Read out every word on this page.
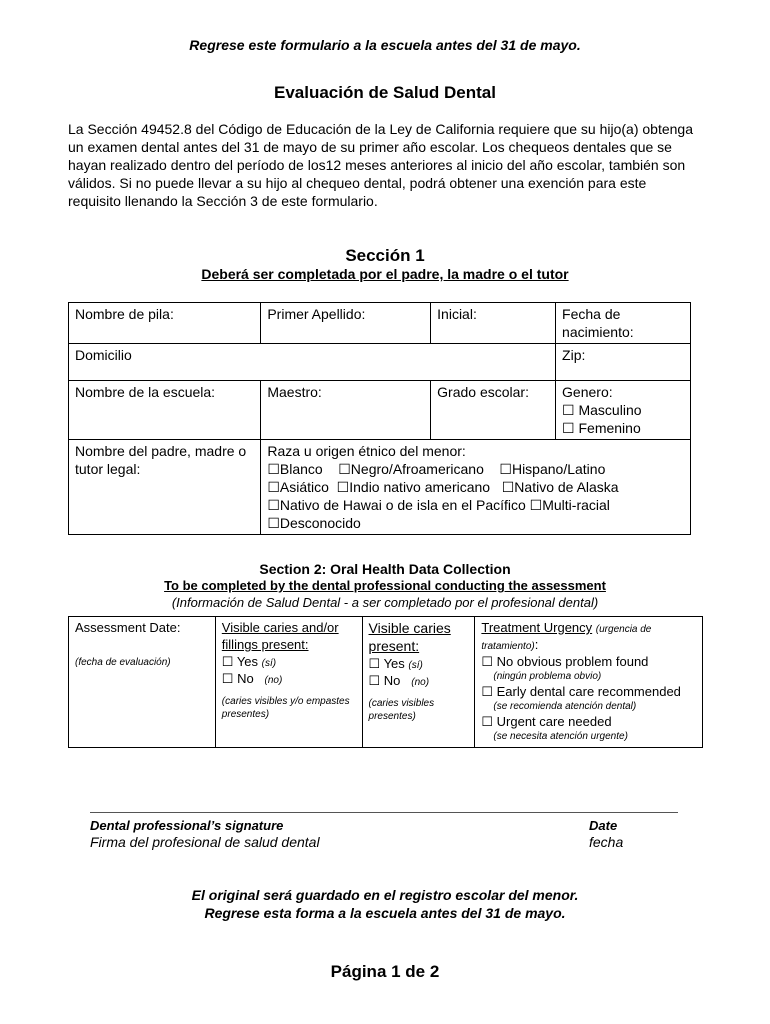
Regrese este formulario a la escuela antes del 31 de mayo.
Evaluación de Salud Dental
La Sección 49452.8 del Código de Educación de la Ley de California requiere que su hijo(a) obtenga un examen dental antes del 31 de mayo de su primer año escolar. Los chequeos dentales que se hayan realizado dentro del período de los12 meses anteriores al inicio del año escolar, también son válidos. Si no puede llevar a su hijo al chequeo dental, podrá obtener una exención para este requisito llenando la Sección 3 de este formulario.
Sección 1
Deberá ser completada por el padre, la madre o el tutor
Nombre de pila:	Primer Apellido:	Inicial:	Fecha de nacimiento:
Domicilio			Zip:
Nombre de la escuela:	Maestro:	Grado escolar:	Genero:
☐ Masculino
☐ Femenino

Nombre del padre, madre o tutor legal:	Raza u origen étnico del menor:
☐Blanco    ☐Negro/Afroamericano    ☐Hispano/Latino
☐Asiático  ☐Indio nativo americano   ☐Nativo de Alaska
☐Nativo de Hawai o de isla en el Pacífico ☐Multi-racial
☐Desconocido		
Section 2: Oral Health Data Collection
To be completed by the dental professional conducting the assessment
(Información de Salud Dental - a ser completado por el profesional dental)
Assessment Date:
(fecha de evaluación)

Visible caries and/or fillings present:
☐ Yes (sí)
☐ No (no)
(caries visibles y/o empastes presentes)

Visible caries present:
☐ Yes (sí)
☐ No (no)
(caries visibles presentes)

Treatment Urgency (urgencia de tratamiento):
☐ No obvious problem found
(ningún problema obvio)
☐ Early dental care recommended
(se recomienda atención dental)
☐ Urgent care needed
(se necesita atención urgente)
Dental professional’s signature
Firma del profesional de salud dental
Date
fecha
El original será guardado en el registro escolar del menor.
Regrese esta forma a la escuela antes del 31 de mayo.
Página 1 de 2
